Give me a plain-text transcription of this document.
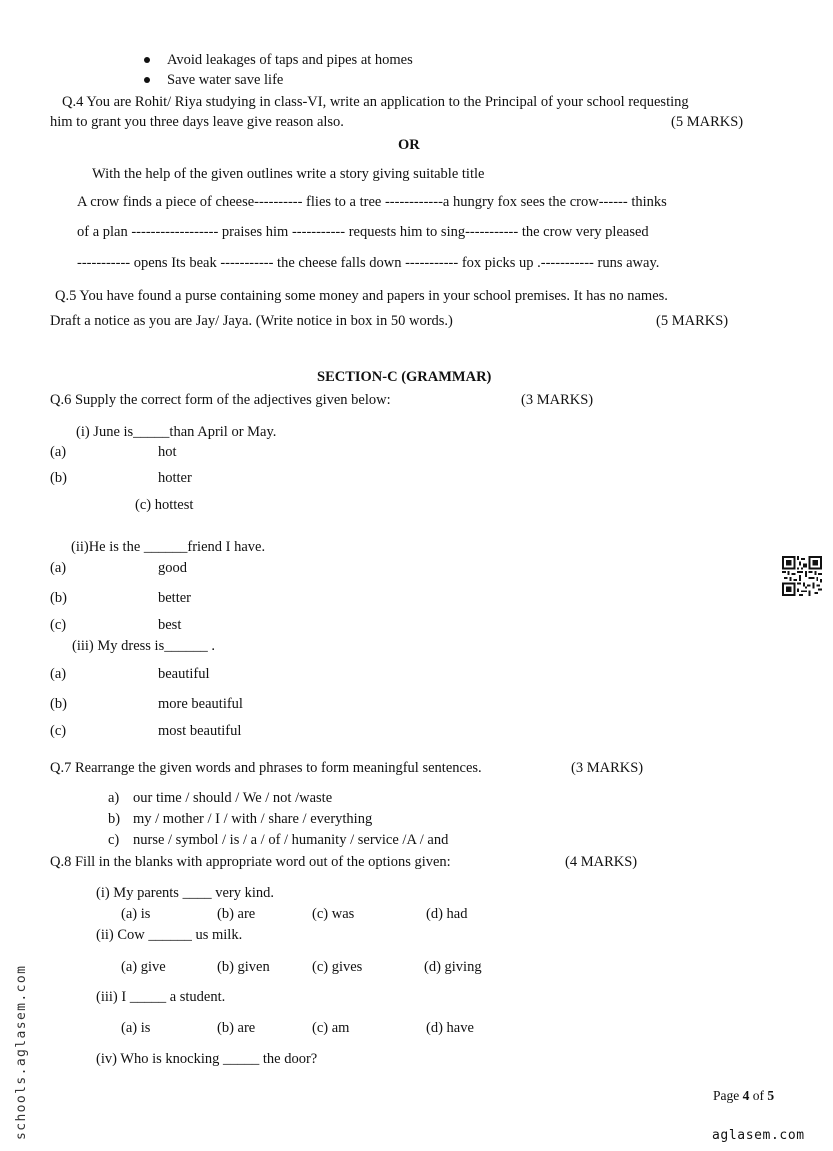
Avoid leakages of taps and pipes at homes
Save water save life
Q.4 You are Rohit/ Riya studying in class-VI, write an application to the Principal of your school requesting
him to grant you three days leave give reason also.	(5 MARKS)
OR
With the help of the given outlines write a story giving suitable title
A crow finds a piece of cheese---------- flies to a tree ------------a hungry fox sees the crow------ thinks
of a plan ------------------ praises him ----------- requests him to sing----------- the crow very pleased
----------- opens Its beak ----------- the cheese falls down ----------- fox picks up .----------- runs away.
Q.5 You have found a purse containing some money and papers in your school premises. It has no names.
Draft a notice as you are Jay/ Jaya. (Write notice in box in 50 words.)	(5 MARKS)
SECTION-C (GRAMMAR)
Q.6 Supply the correct form of the adjectives given below:	(3 MARKS)
(i) June is_____than April or May.
(a)	hot
(b)	hotter
(c) hottest
(ii)He is the ______friend I have.
(a)	good
(b)	better
(c)	best
(iii) My dress is______ .
(a)	beautiful
(b)	more beautiful
(c)	most beautiful
Q.7 Rearrange the given words and phrases to form meaningful sentences.	(3 MARKS)
a) our time / should / We / not /waste
b) my / mother / I / with / share / everything
c) nurse / symbol / is / a / of / humanity / service /A / and
Q.8 Fill in the blanks with appropriate word out of the options given:	(4 MARKS)
(i) My parents ____ very kind.
(a) is	(b) are	(c) was	(d) had
(ii) Cow ______ us milk.
(a) give	(b) given	(c) gives	(d) giving
(iii) I _____ a student.
(a) is	(b) are	(c) am	(d) have
(iv) Who is knocking _____ the door?
Page 4 of 5
aglasem.com
schools.aglasem.com
